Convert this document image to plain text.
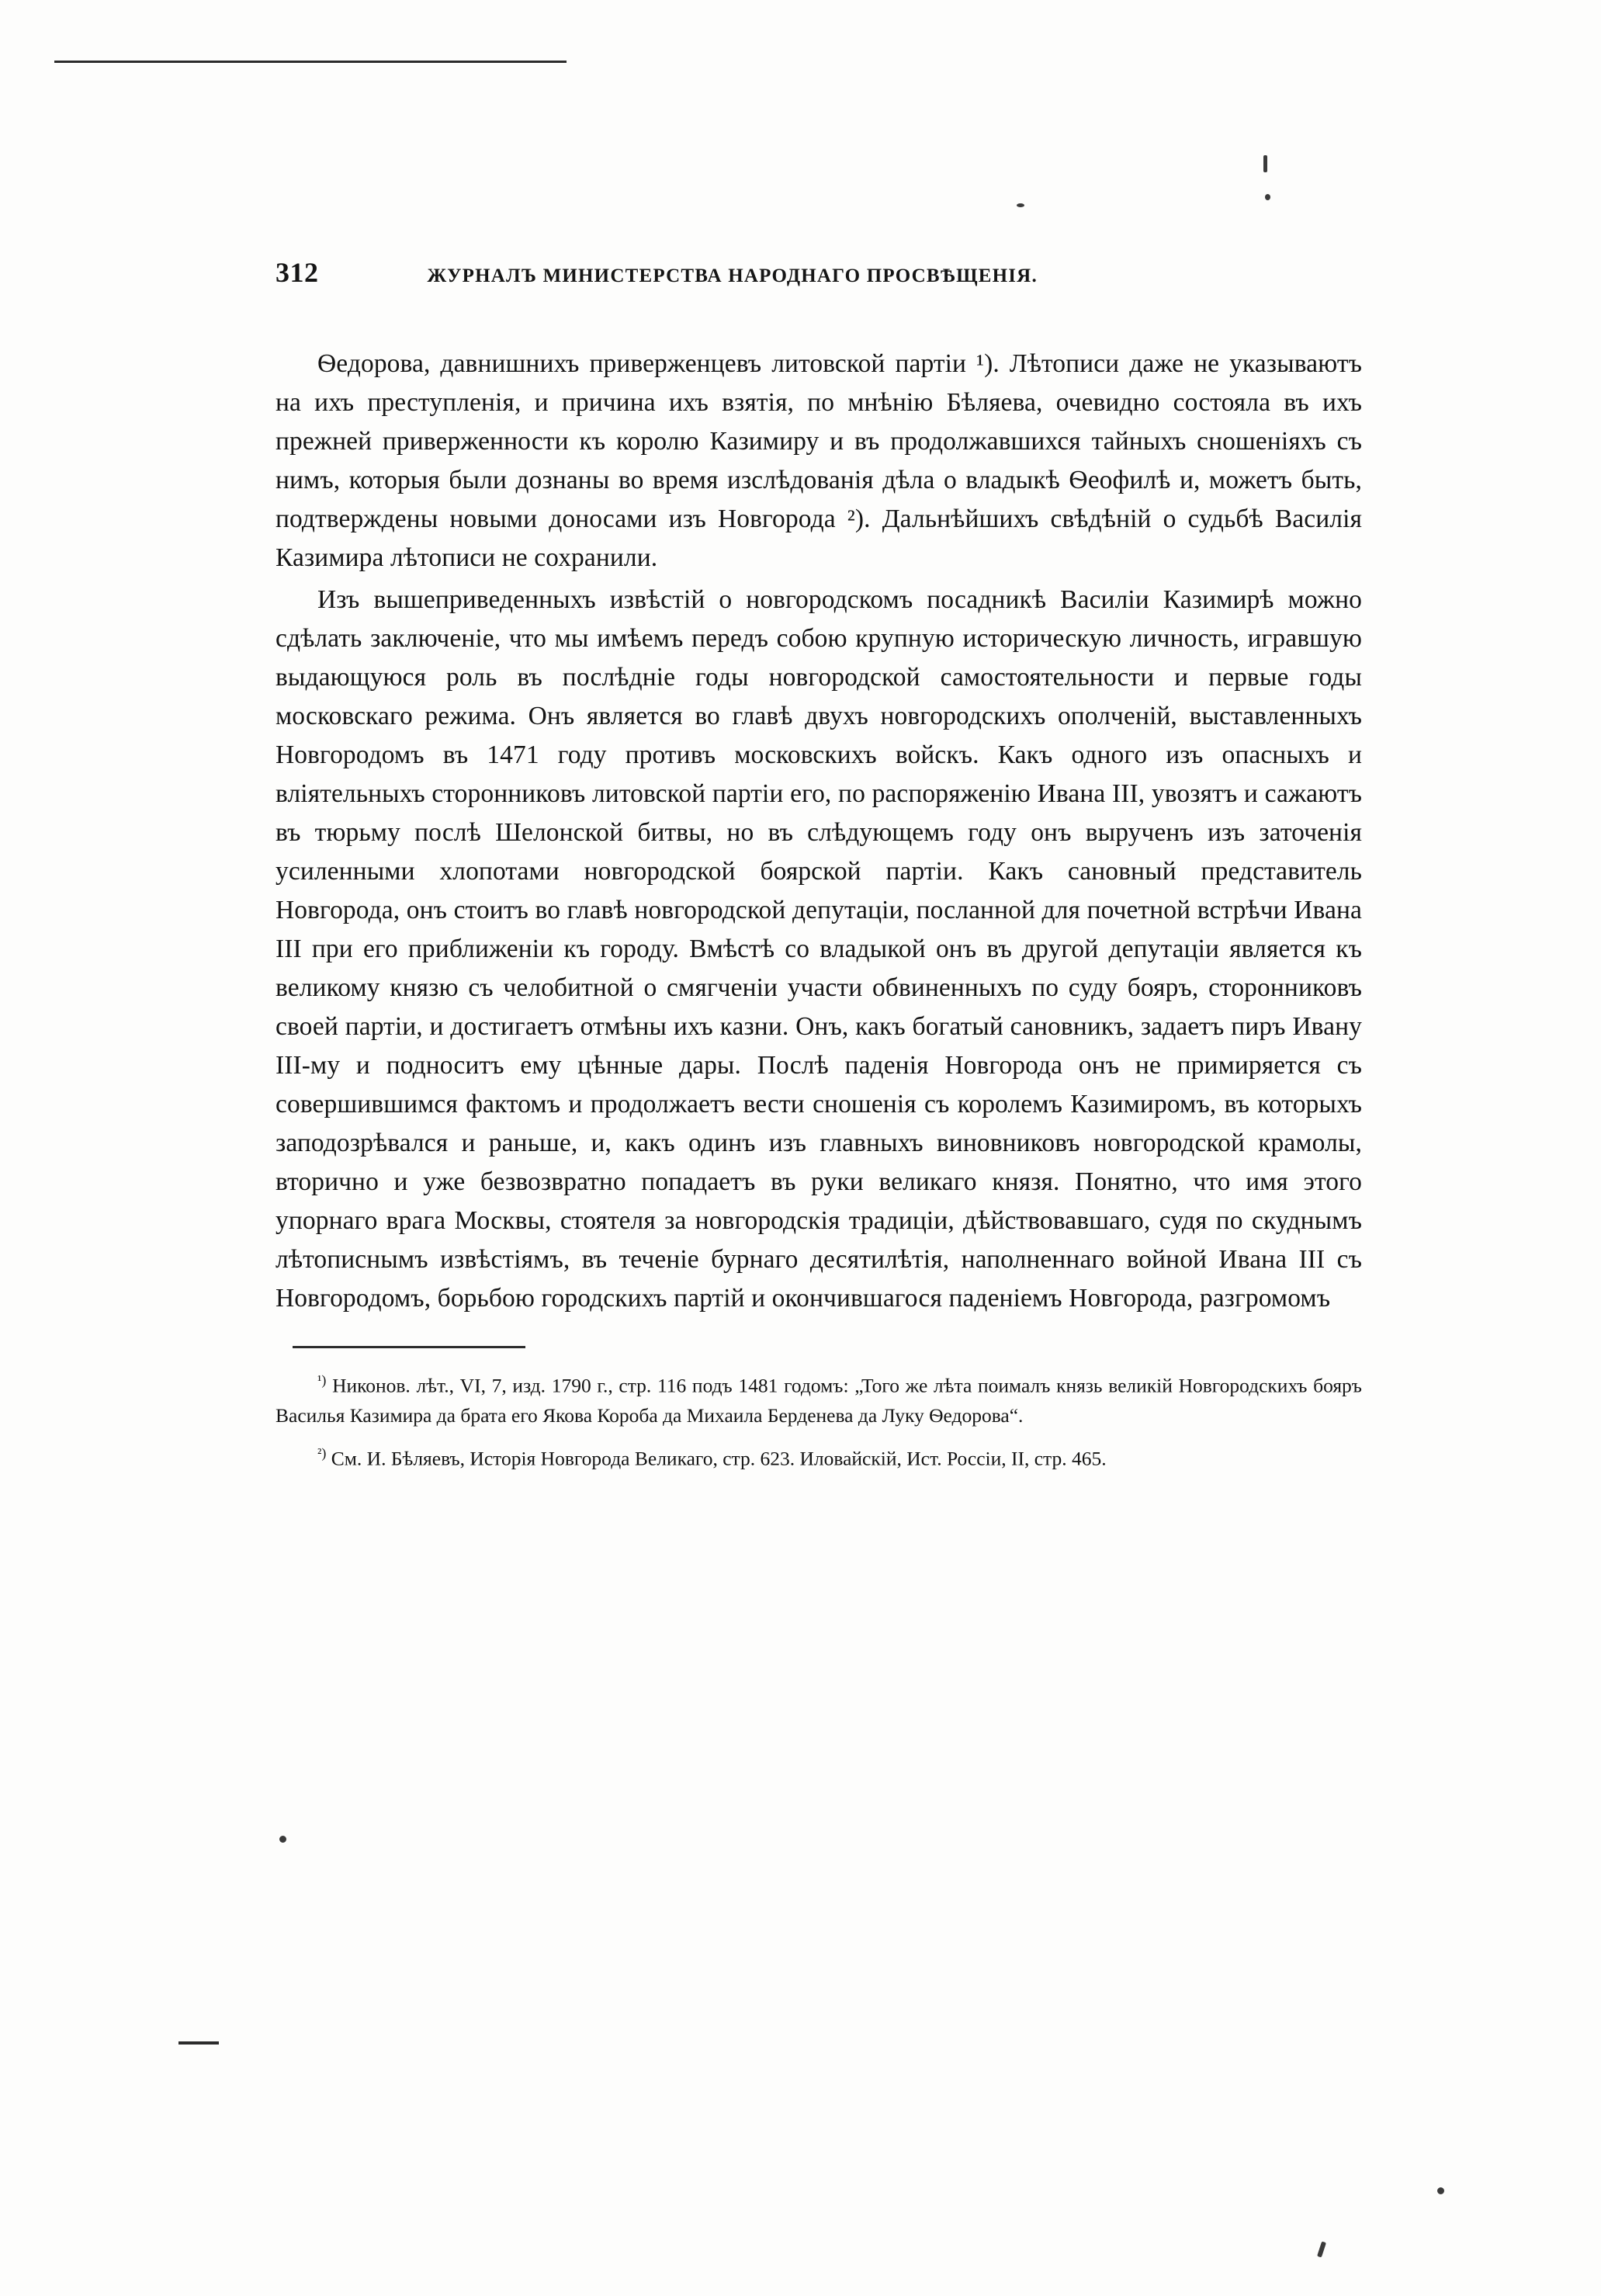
312	ЖУРНАЛЪ МИНИСТЕРСТВА НАРОДНАГО ПРОСВѢЩЕНІЯ.

Ѳедорова, давнишнихъ приверженцевъ литовской партіи ¹). Лѣтописи даже не указываютъ на ихъ преступленія, и причина ихъ взятія, по мнѣнію Бѣляева, очевидно состояла въ ихъ прежней приверженности къ королю Казимиру и въ продолжавшихся тайныхъ сношеніяхъ съ нимъ, которыя были дознаны во время изслѣдованія дѣла о владыкѣ Ѳеофилѣ и, можетъ быть, подтверждены новыми доносами изъ Новгорода ²). Дальнѣйшихъ свѣдѣній о судьбѣ Василія Казимира лѣтописи не сохранили.

Изъ вышеприведенныхъ извѣстій о новгородскомъ посадникѣ Василіи Казимирѣ можно сдѣлать заключеніе, что мы имѣемъ передъ собою крупную историческую личность, игравшую выдающуюся роль въ послѣдніе годы новгородской самостоятельности и первые годы московскаго режима. Онъ является во главѣ двухъ новгородскихъ ополченій, выставленныхъ Новгородомъ въ 1471 году противъ московскихъ войскъ. Какъ одного изъ опасныхъ и вліятельныхъ сторонниковъ литовской партіи его, по распоряженію Ивана III, увозятъ и сажаютъ въ тюрьму послѣ Шелонской битвы, но въ слѣдующемъ году онъ вырученъ изъ заточенія усиленными хлопотами новгородской боярской партіи. Какъ сановный представитель Новгорода, онъ стоитъ во главѣ новгородской депутаціи, посланной для почетной встрѣчи Ивана III при его приближеніи къ городу. Вмѣстѣ со владыкой онъ въ другой депутаціи является къ великому князю съ челобитной о смягченіи участи обвиненныхъ по суду бояръ, сторонниковъ своей партіи, и достигаетъ отмѣны ихъ казни. Онъ, какъ богатый сановникъ, задаетъ пиръ Ивану III-му и подноситъ ему цѣнные дары. Послѣ паденія Новгорода онъ не примиряется съ совершившимся фактомъ и продолжаетъ вести сношенія съ королемъ Казимиромъ, въ которыхъ заподозрѣвался и раньше, и, какъ одинъ изъ главныхъ виновниковъ новгородской крамолы, вторично и уже безвозвратно попадаетъ въ руки великаго князя. Понятно, что имя этого упорнаго врага Москвы, стоятеля за новгородскія традиціи, дѣйствовавшаго, судя по скуднымъ лѣтописнымъ извѣстіямъ, въ теченіе бурнаго десятилѣтія, наполненнаго войной Ивана III съ Новгородомъ, борьбою городскихъ партій и окончившагося паденіемъ Новгорода, разгромомъ

$^{^1)}$ Никонов. лѣт., VI, 7, изд. 1790 г., стр. 116 подъ 1481 годомъ: „Того же лѣта поималъ князь великій Новгородскихъ бояръ Василья Казимира да брата его Якова Короба да Михаила Берденева да Луку Ѳедорова“.

$^{^2)}$ См. И. Бѣляевъ, Исторія Новгорода Великаго, стр. 623. Иловайскій, Ист. Россіи, II, стр. 465.
